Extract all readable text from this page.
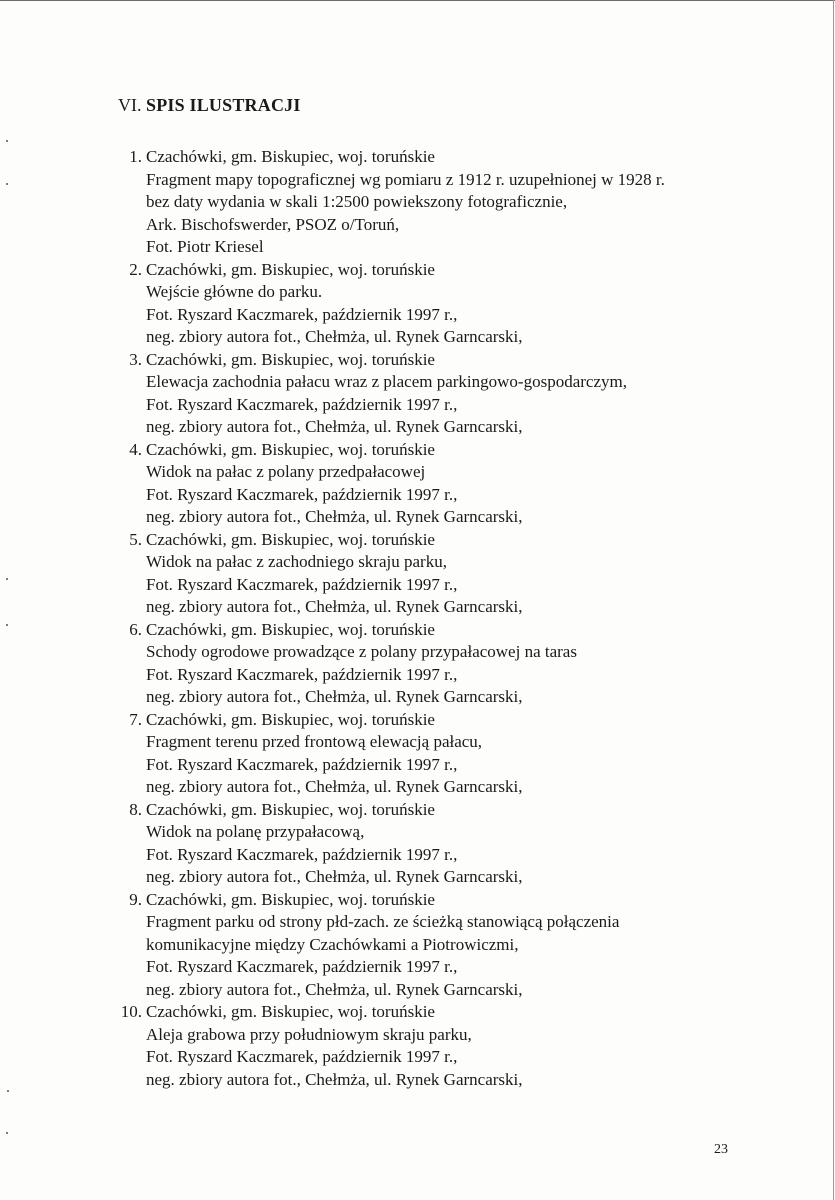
VI. SPIS ILUSTRACJI
1. Czachówki, gm. Biskupiec, woj. toruńskie
Fragment mapy topograficznej wg pomiaru z 1912 r. uzupełnionej w 1928 r.
bez daty wydania w skali 1:2500 powiekszony fotograficznie,
Ark. Bischofswerder, PSOZ o/Toruń,
Fot. Piotr Kriesel
2. Czachówki, gm. Biskupiec, woj. toruńskie
Wejście główne do parku.
Fot. Ryszard Kaczmarek, październik 1997 r.,
neg. zbiory autora fot., Chełmża, ul. Rynek Garncarski,
3. Czachówki, gm. Biskupiec, woj. toruńskie
Elewacja zachodnia pałacu wraz z placem parkingowo-gospodarczym,
Fot. Ryszard Kaczmarek, październik 1997 r.,
neg. zbiory autora fot., Chełmża, ul. Rynek Garncarski,
4. Czachówki, gm. Biskupiec, woj. toruńskie
Widok na pałac z polany przedpałacowej
Fot. Ryszard Kaczmarek, październik 1997 r.,
neg. zbiory autora fot., Chełmża, ul. Rynek Garncarski,
5. Czachówki, gm. Biskupiec, woj. toruńskie
Widok na pałac z zachodniego skraju parku,
Fot. Ryszard Kaczmarek, październik 1997 r.,
neg. zbiory autora fot., Chełmża, ul. Rynek Garncarski,
6. Czachówki, gm. Biskupiec, woj. toruńskie
Schody ogrodowe prowadzące z polany przypałacowej na taras
Fot. Ryszard Kaczmarek, październik 1997 r.,
neg. zbiory autora fot., Chełmża, ul. Rynek Garncarski,
7. Czachówki, gm. Biskupiec, woj. toruńskie
Fragment terenu przed frontową elewacją pałacu,
Fot. Ryszard Kaczmarek, październik 1997 r.,
neg. zbiory autora fot., Chełmża, ul. Rynek Garncarski,
8. Czachówki, gm. Biskupiec, woj. toruńskie
Widok na polanę przypałacową,
Fot. Ryszard Kaczmarek, październik 1997 r.,
neg. zbiory autora fot., Chełmża, ul. Rynek Garncarski,
9. Czachówki, gm. Biskupiec, woj. toruńskie
Fragment parku od strony płd-zach. ze ścieżką stanowiącą połączenia
komunikacyjne między Czachówkami a Piotrowiczmi,
Fot. Ryszard Kaczmarek, październik 1997 r.,
neg. zbiory autora fot., Chełmża, ul. Rynek Garncarski,
10. Czachówki, gm. Biskupiec, woj. toruńskie
Aleja grabowa przy południowym skraju parku,
Fot. Ryszard Kaczmarek, październik 1997 r.,
neg. zbiory autora fot., Chełmża, ul. Rynek Garncarski,
23
